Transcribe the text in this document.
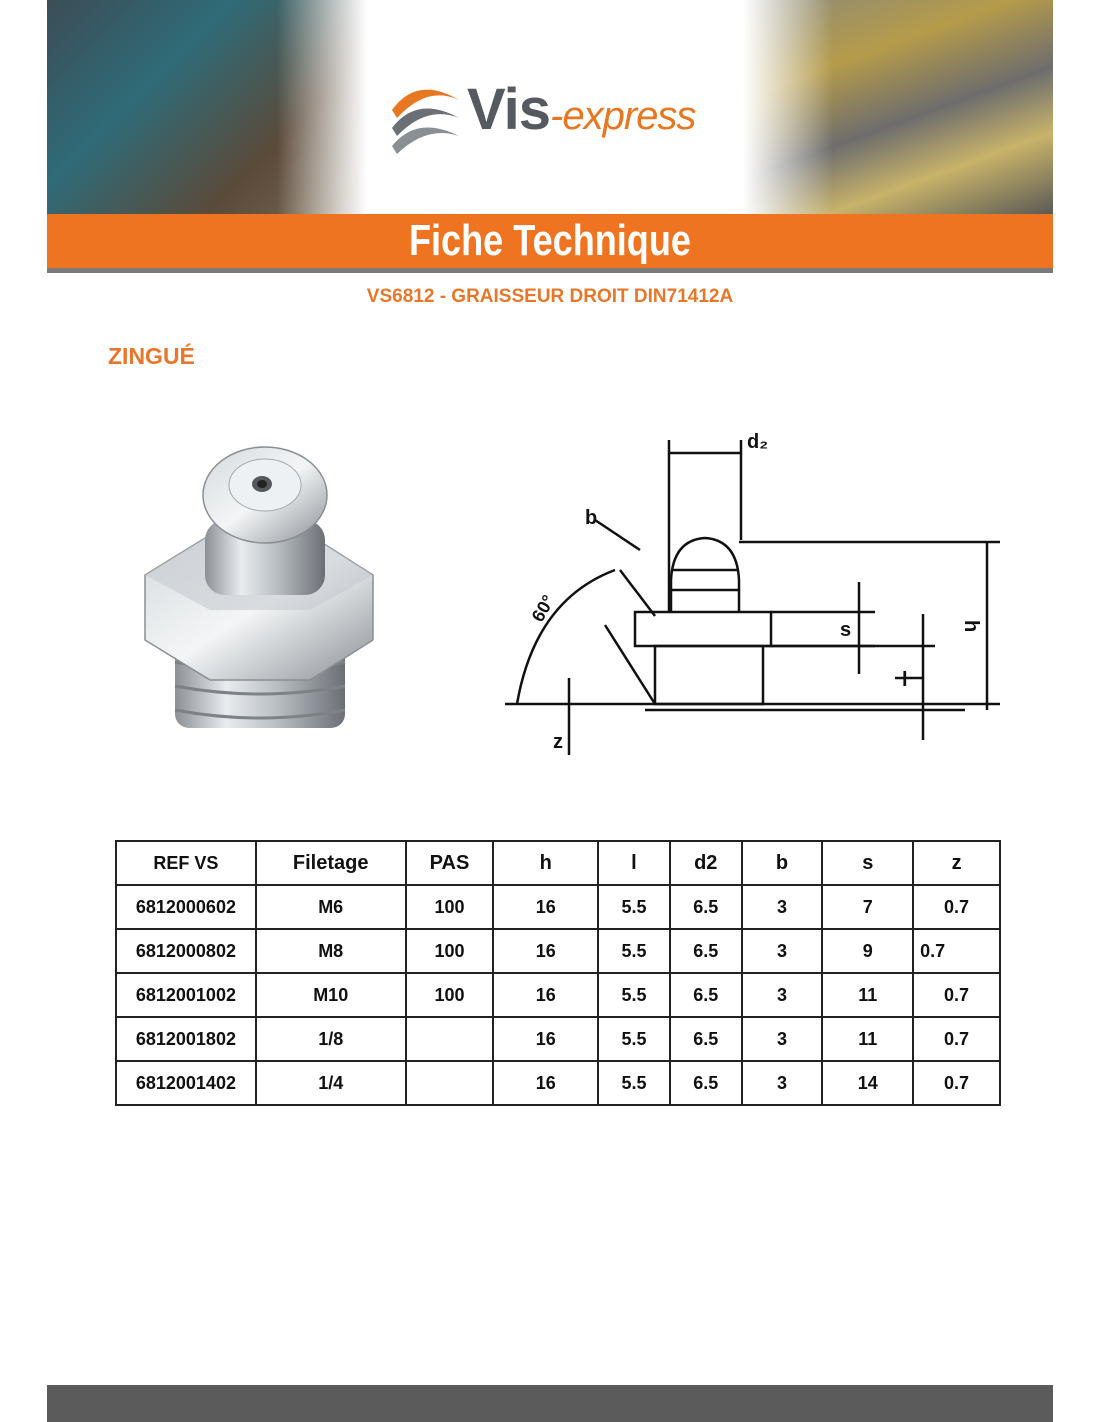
Vis-express
Fiche Technique
VS6812 - GRAISSEUR DROIT DIN71412A
ZINGUÉ
d₂
b
60°
s	h
l
z
REF VS	Filetage	PAS	h	l	d2	b	s	z
6812000602	M6	100	16	5.5	6.5	3	7	0.7
6812000802	M8	100	16	5.5	6.5	3	9	0.7
6812001002	M10	100	16	5.5	6.5	3	11	0.7
6812001802	1/8		16	5.5	6.5	3	11	0.7
6812001402	1/4		16	5.5	6.5	3	14	0.7
